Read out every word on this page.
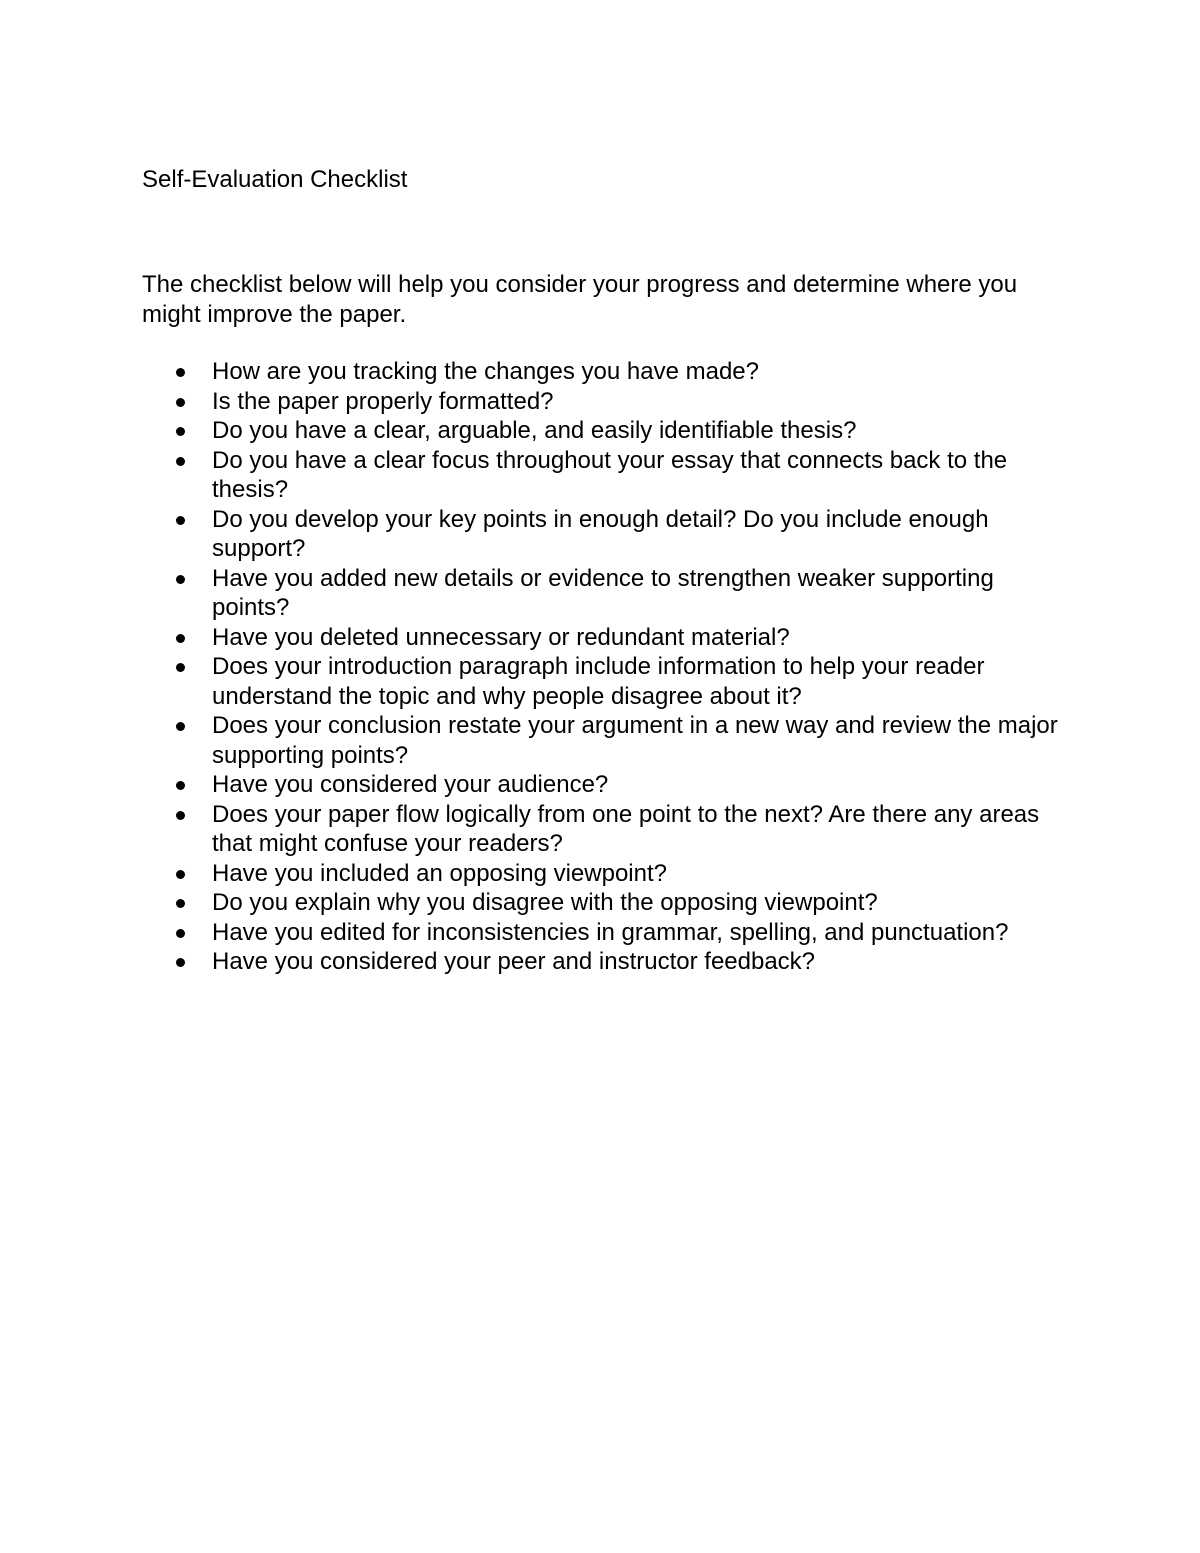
Self-Evaluation Checklist

The checklist below will help you consider your progress and determine where you might improve the paper.

How are you tracking the changes you have made?
Is the paper properly formatted?
Do you have a clear, arguable, and easily identifiable thesis?
Do you have a clear focus throughout your essay that connects back to the thesis?
Do you develop your key points in enough detail? Do you include enough support?
Have you added new details or evidence to strengthen weaker supporting points?
Have you deleted unnecessary or redundant material?
Does your introduction paragraph include information to help your reader understand the topic and why people disagree about it?
Does your conclusion restate your argument in a new way and review the major supporting points?
Have you considered your audience?
Does your paper flow logically from one point to the next? Are there any areas that might confuse your readers?
Have you included an opposing viewpoint?
Do you explain why you disagree with the opposing viewpoint?
Have you edited for inconsistencies in grammar, spelling, and punctuation?
Have you considered your peer and instructor feedback?
